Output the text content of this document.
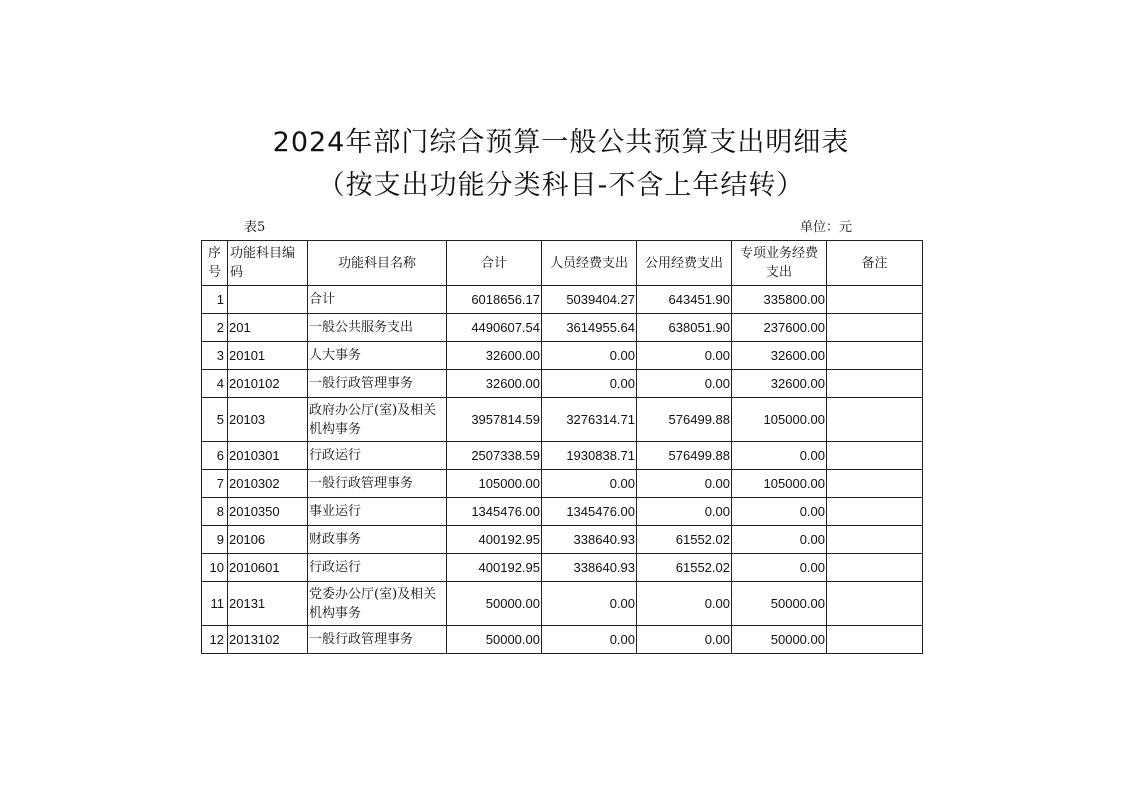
2024年部门综合预算一般公共预算支出明细表
（按支出功能分类科目-不含上年结转）
表5	单位：元
序号	功能科目编码	功能科目名称	合计	人员经费支出	公用经费支出	专项业务经费支出	备注
1		合计	6018656.17	5039404.27	643451.90	335800.00	
2	201	一般公共服务支出	4490607.54	3614955.64	638051.90	237600.00	
3	20101	人大事务	32600.00	0.00	0.00	32600.00	
4	2010102	一般行政管理事务	32600.00	0.00	0.00	32600.00	
5	20103	政府办公厅(室)及相关机构事务	3957814.59	3276314.71	576499.88	105000.00	
6	2010301	行政运行	2507338.59	1930838.71	576499.88	0.00	
7	2010302	一般行政管理事务	105000.00	0.00	0.00	105000.00	
8	2010350	事业运行	1345476.00	1345476.00	0.00	0.00	
9	20106	财政事务	400192.95	338640.93	61552.02	0.00	
10	2010601	行政运行	400192.95	338640.93	61552.02	0.00	
11	20131	党委办公厅(室)及相关机构事务	50000.00	0.00	0.00	50000.00	
12	2013102	一般行政管理事务	50000.00	0.00	0.00	50000.00	
